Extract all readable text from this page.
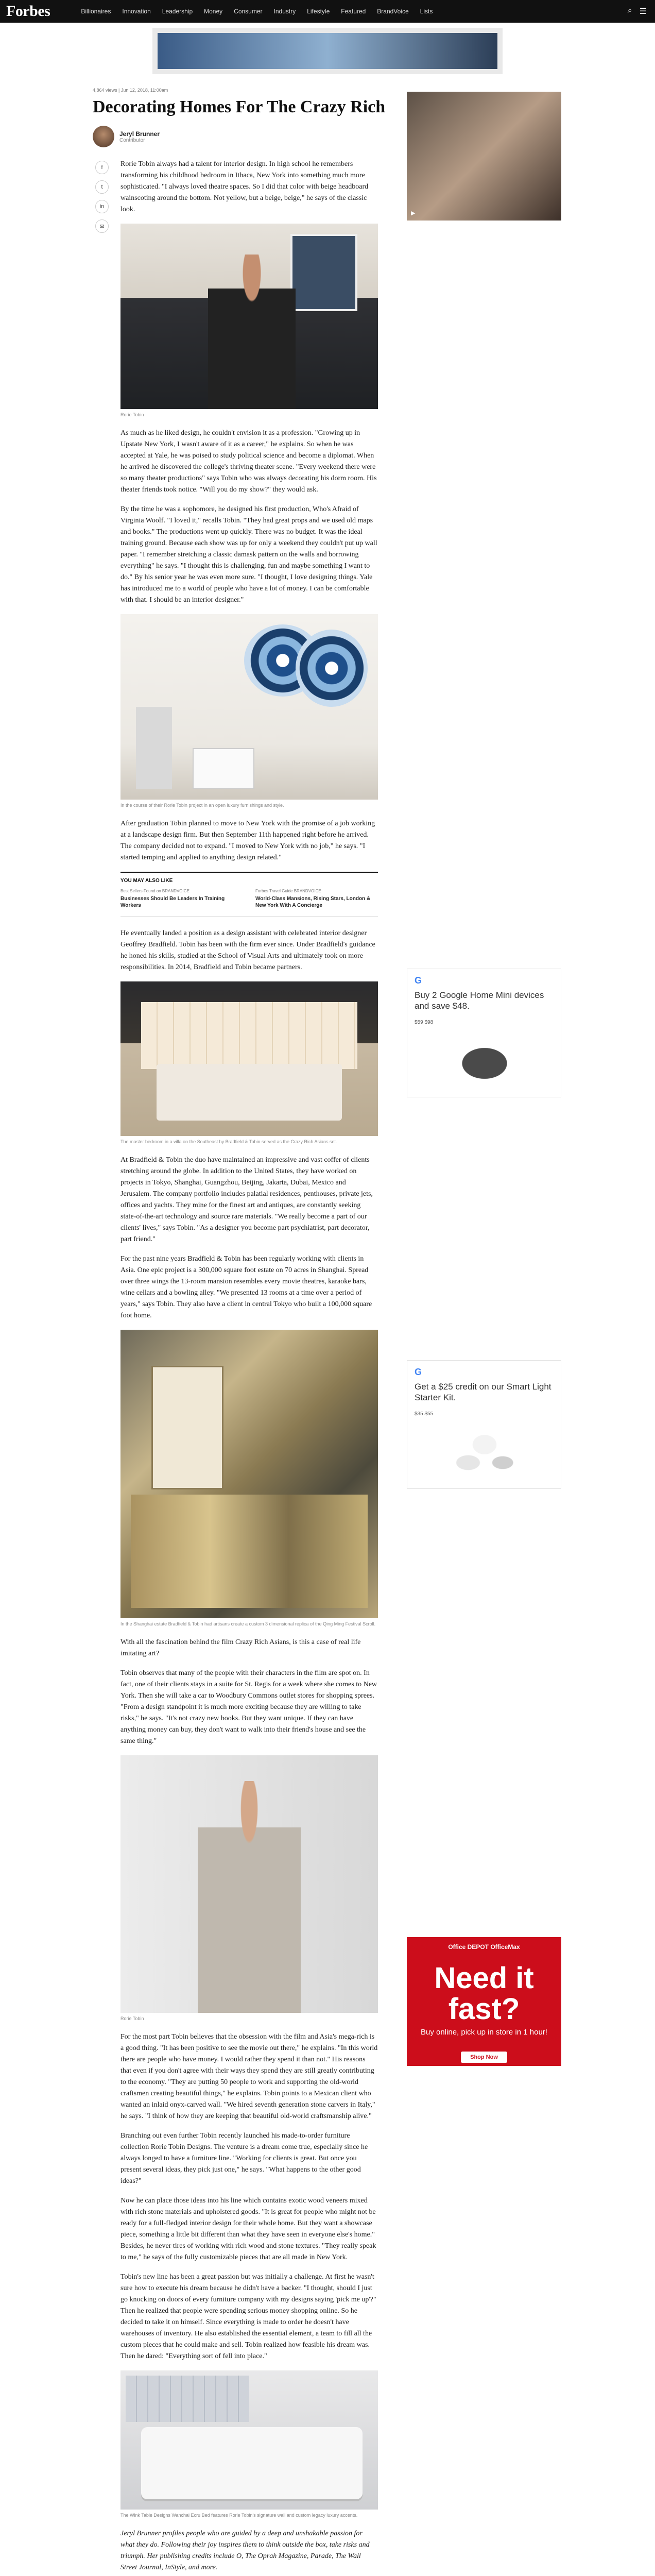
Forbes	Billionaires Innovation Leadership Money Consumer Industry Lifestyle Featured BrandVoice Lists	⌕ ☰
4,864 views | Jun 12, 2018, 11:00am
Decorating Homes For The Crazy Rich
Jeryl Brunner
Contributor
f
t
in
✉

Rorie Tobin always had a talent for interior design. In high school he remembers transforming his childhood bedroom in Ithaca, New York into something much more sophisticated. "I always loved theatre spaces. So I did that color with beige headboard wainscoting around the bottom. Not yellow, but a beige, beige," he says of the classic look.

Rorie Tobin

As much as he liked design, he couldn't envision it as a profession. "Growing up in Upstate New York, I wasn't aware of it as a career," he explains. So when he was accepted at Yale, he was poised to study political science and become a diplomat. When he arrived he discovered the college's thriving theater scene. "Every weekend there were so many theater productions" says Tobin who was always decorating his dorm room. His theater friends took notice. "Will you do my show?" they would ask.

By the time he was a sophomore, he designed his first production, Who's Afraid of Virginia Woolf. "I loved it," recalls Tobin. "They had great props and we used old maps and books." The productions went up quickly. There was no budget. It was the ideal training ground. Because each show was up for only a weekend they couldn't put up wall paper. "I remember stretching a classic damask pattern on the walls and borrowing everything" he says. "I thought this is challenging, fun and maybe something I want to do." By his senior year he was even more sure. "I thought, I love designing things. Yale has introduced me to a world of people who have a lot of money. I can be comfortable with that. I should be an interior designer."

In the course of their Rorie Tobin project in an open luxury furnishings and style.

After graduation Tobin planned to move to New York with the promise of a job working at a landscape design firm. But then September 11th happened right before he arrived. The company decided not to expand. "I moved to New York with no job," he says. "I started temping and applied to anything design related."

YOU MAY ALSO LIKE
Best Sellers Found on BRANDVOICE
Businesses Should Be Leaders In Training Workers
Forbes Travel Guide BRANDVOICE
World-Class Mansions, Rising Stars, London & New York With A Concierge

He eventually landed a position as a design assistant with celebrated interior designer Geoffrey Bradfield. Tobin has been with the firm ever since. Under Bradfield's guidance he honed his skills, studied at the School of Visual Arts and ultimately took on more responsibilities. In 2014, Bradfield and Tobin became partners.

The master bedroom in a villa on the Southeast by Bradfield & Tobin served as the Crazy Rich Asians set.

At Bradfield & Tobin the duo have maintained an impressive and vast coffer of clients stretching around the globe. In addition to the United States, they have worked on projects in Tokyo, Shanghai, Guangzhou, Beijing, Jakarta, Dubai, Mexico and Jerusalem. The company portfolio includes palatial residences, penthouses, private jets, offices and yachts. They mine for the finest art and antiques, are constantly seeking state-of-the-art technology and source rare materials. "We really become a part of our clients' lives," says Tobin. "As a designer you become part psychiatrist, part decorator, part friend."

For the past nine years Bradfield & Tobin has been regularly working with clients in Asia. One epic project is a 300,000 square foot estate on 70 acres in Shanghai. Spread over three wings the 13-room mansion resembles every movie theatres, karaoke bars, wine cellars and a bowling alley. "We presented 13 rooms at a time over a period of years," says Tobin. They also have a client in central Tokyo who built a 100,000 square foot home.

In the Shanghai estate Bradfield & Tobin had artisans create a custom 3 dimensional replica of the Qing Ming Festival Scroll.

With all the fascination behind the film Crazy Rich Asians, is this a case of real life imitating art?

Tobin observes that many of the people with their characters in the film are spot on. In fact, one of their clients stays in a suite for St. Regis for a week where she comes to New York. Then she will take a car to Woodbury Commons outlet stores for shopping sprees. "From a design standpoint it is much more exciting because they are willing to take risks," he says. "It's not crazy new books. But they want unique. If they can have anything money can buy, they don't want to walk into their friend's house and see the same thing."

Rorie Tobin

For the most part Tobin believes that the obsession with the film and Asia's mega-rich is a good thing. "It has been positive to see the movie out there," he explains. "In this world there are people who have money. I would rather they spend it than not." His reasons that even if you don't agree with their ways they spend they are still greatly contributing to the economy. "They are putting 50 people to work and supporting the old-world craftsmen creating beautiful things," he explains. Tobin points to a Mexican client who wanted an inlaid onyx-carved wall. "We hired seventh generation stone carvers in Italy," he says. "I think of how they are keeping that beautiful old-world craftsmanship alive."

Branching out even further Tobin recently launched his made-to-order furniture collection Rorie Tobin Designs. The venture is a dream come true, especially since he always longed to have a furniture line. "Working for clients is great. But once you present several ideas, they pick just one," he says. "What happens to the other good ideas?"

Now he can place those ideas into his line which contains exotic wood veneers mixed with rich stone materials and upholstered goods. "It is great for people who might not be ready for a full-fledged interior design for their whole home. But they want a showcase piece, something a little bit different than what they have seen in everyone else's home." Besides, he never tires of working with rich wood and stone textures. "They really speak to me," he says of the fully customizable pieces that are all made in New York.

Tobin's new line has been a great passion but was initially a challenge. At first he wasn't sure how to execute his dream because he didn't have a backer. "I thought, should I just go knocking on doors of every furniture company with my designs saying 'pick me up'?" Then he realized that people were spending serious money shopping online. So he decided to take it on himself. Since everything is made to order he doesn't have warehouses of inventory. He also established the essential element, a team to fill all the custom pieces that he could make and sell. Tobin realized how feasible his dream was. Then he dared: "Everything sort of fell into place."

The Wink Table Designs Wanchai Ecru Bed features Rorie Tobin's signature wall and custom legacy luxury accents.

Jeryl Brunner profiles people who are guided by a deep and unshakable passion for what they do. Following their joy inspires them to think outside the box, take risks and triumph. Her publishing credits include O, The Oprah Magazine, Parade, The Wall Street Journal, InStyle, and more.

▶
G
Buy 2 Google Home Mini devices and save $48.
$59 $98
G
Get a $25 credit on our Smart Light Starter Kit.
$35 $55
Office DEPOT OfficeMax
Need it fast?
Buy online, pick up in store in 1 hour!
Shop Now
